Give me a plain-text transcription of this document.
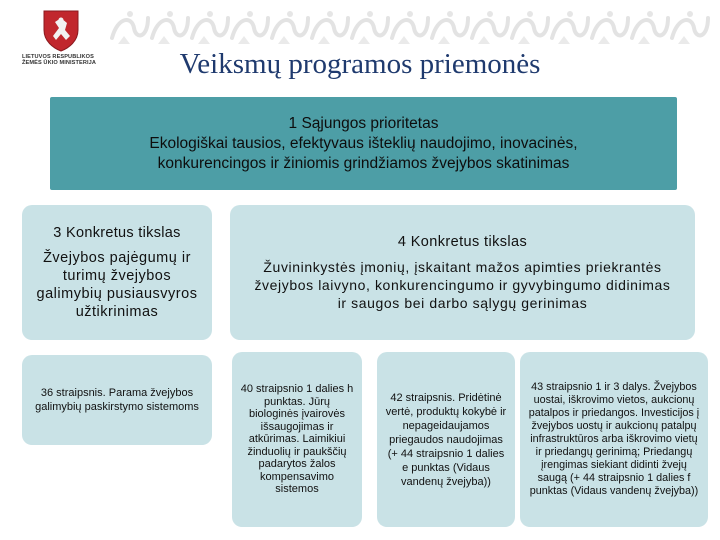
LIETUVOS RESPUBLIKOS
ŽEMĖS ŪKIO MINISTERIJA	Veiksmų programos priemonės
1 Sąjungos prioritetas
Ekologiškai tausios, efektyvaus išteklių naudojimo, inovacinės,
konkurencingos ir žiniomis grindžiamos žvejybos skatinimas
3 Konkretus tikslas
Žvejybos pajėgumų ir turimų žvejybos galimybių pusiausvyros užtikrinimas
4 Konkretus tikslas
Žuvininkystės įmonių, įskaitant mažos apimties priekrantės žvejybos laivyno, konkurencingumo ir gyvybingumo didinimas ir saugos bei darbo sąlygų gerinimas
36 straipsnis. Parama žvejybos galimybių paskirstymo sistemoms
40 straipsnio 1 dalies h punktas. Jūrų biologinės įvairovės išsaugojimas ir atkūrimas. Laimikiui žinduolių ir paukščių padarytos žalos kompensavimo sistemos
42 straipsnis. Pridėtinė vertė, produktų kokybė ir nepageidaujamos priegaudos naudojimas (+ 44 straipsnio 1 dalies e punktas (Vidaus vandenų žvejyba))
43 straipsnio 1 ir 3 dalys. Žvejybos uostai, iškrovimo vietos, aukcionų patalpos ir priedangos. Investicijos į žvejybos uostų ir aukcionų patalpų infrastruktūros arba iškrovimo vietų ir priedangų gerinimą; Priedangų įrengimas siekiant didinti žvejų saugą (+ 44 straipsnio 1 dalies f punktas (Vidaus vandenų žvejyba))
